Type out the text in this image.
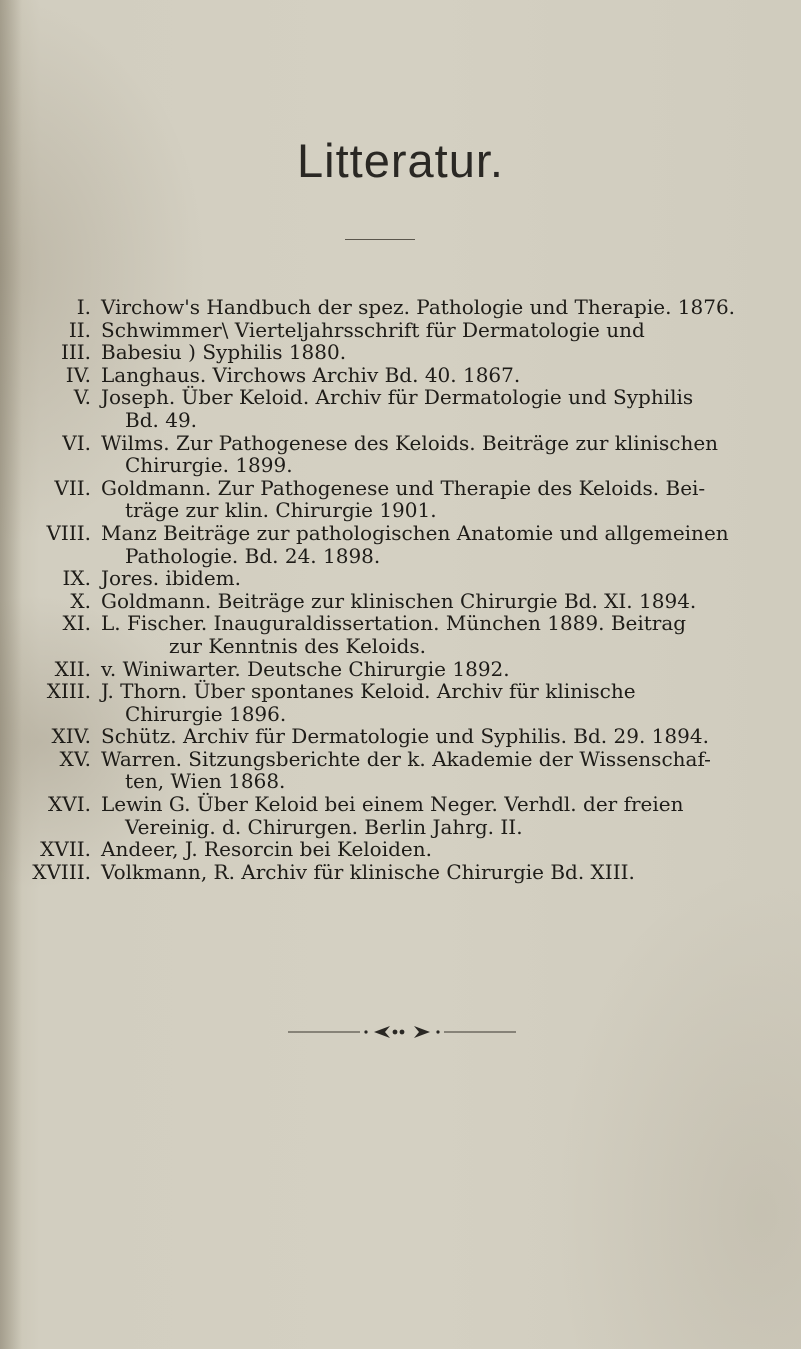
Litteratur.
I. Virchow's Handbuch der spez. Pathologie und Therapie. 1876.
II. Schwimmer\ Vierteljahrsschrift für Dermatologie und
III. Babesiu ) Syphilis 1880.
IV. Langhaus. Virchows Archiv Bd. 40. 1867.
V. Joseph. Über Keloid. Archiv für Dermatologie und Syphilis
Bd. 49.
VI. Wilms. Zur Pathogenese des Keloids. Beiträge zur klinischen
Chirurgie. 1899.
VII. Goldmann. Zur Pathogenese und Therapie des Keloids. Bei-
träge zur klin. Chirurgie 1901.
VIII. Manz Beiträge zur pathologischen Anatomie und allgemeinen
Pathologie. Bd. 24. 1898.
IX. Jores. ibidem.
X. Goldmann. Beiträge zur klinischen Chirurgie Bd. XI. 1894.
XI. L. Fischer. Inauguraldissertation. München 1889. Beitrag
zur Kenntnis des Keloids.
XII. v. Winiwarter. Deutsche Chirurgie 1892.
XIII. J. Thorn. Über spontanes Keloid. Archiv für klinische
Chirurgie 1896.
XIV. Schütz. Archiv für Dermatologie und Syphilis. Bd. 29. 1894.
XV. Warren. Sitzungsberichte der k. Akademie der Wissenschaf-
ten, Wien 1868.
XVI. Lewin G. Über Keloid bei einem Neger. Verhdl. der freien
Vereinig. d. Chirurgen. Berlin Jahrg. II.
XVII. Andeer, J. Resorcin bei Keloiden.
XVIII. Volkmann, R. Archiv für klinische Chirurgie Bd. XIII.
